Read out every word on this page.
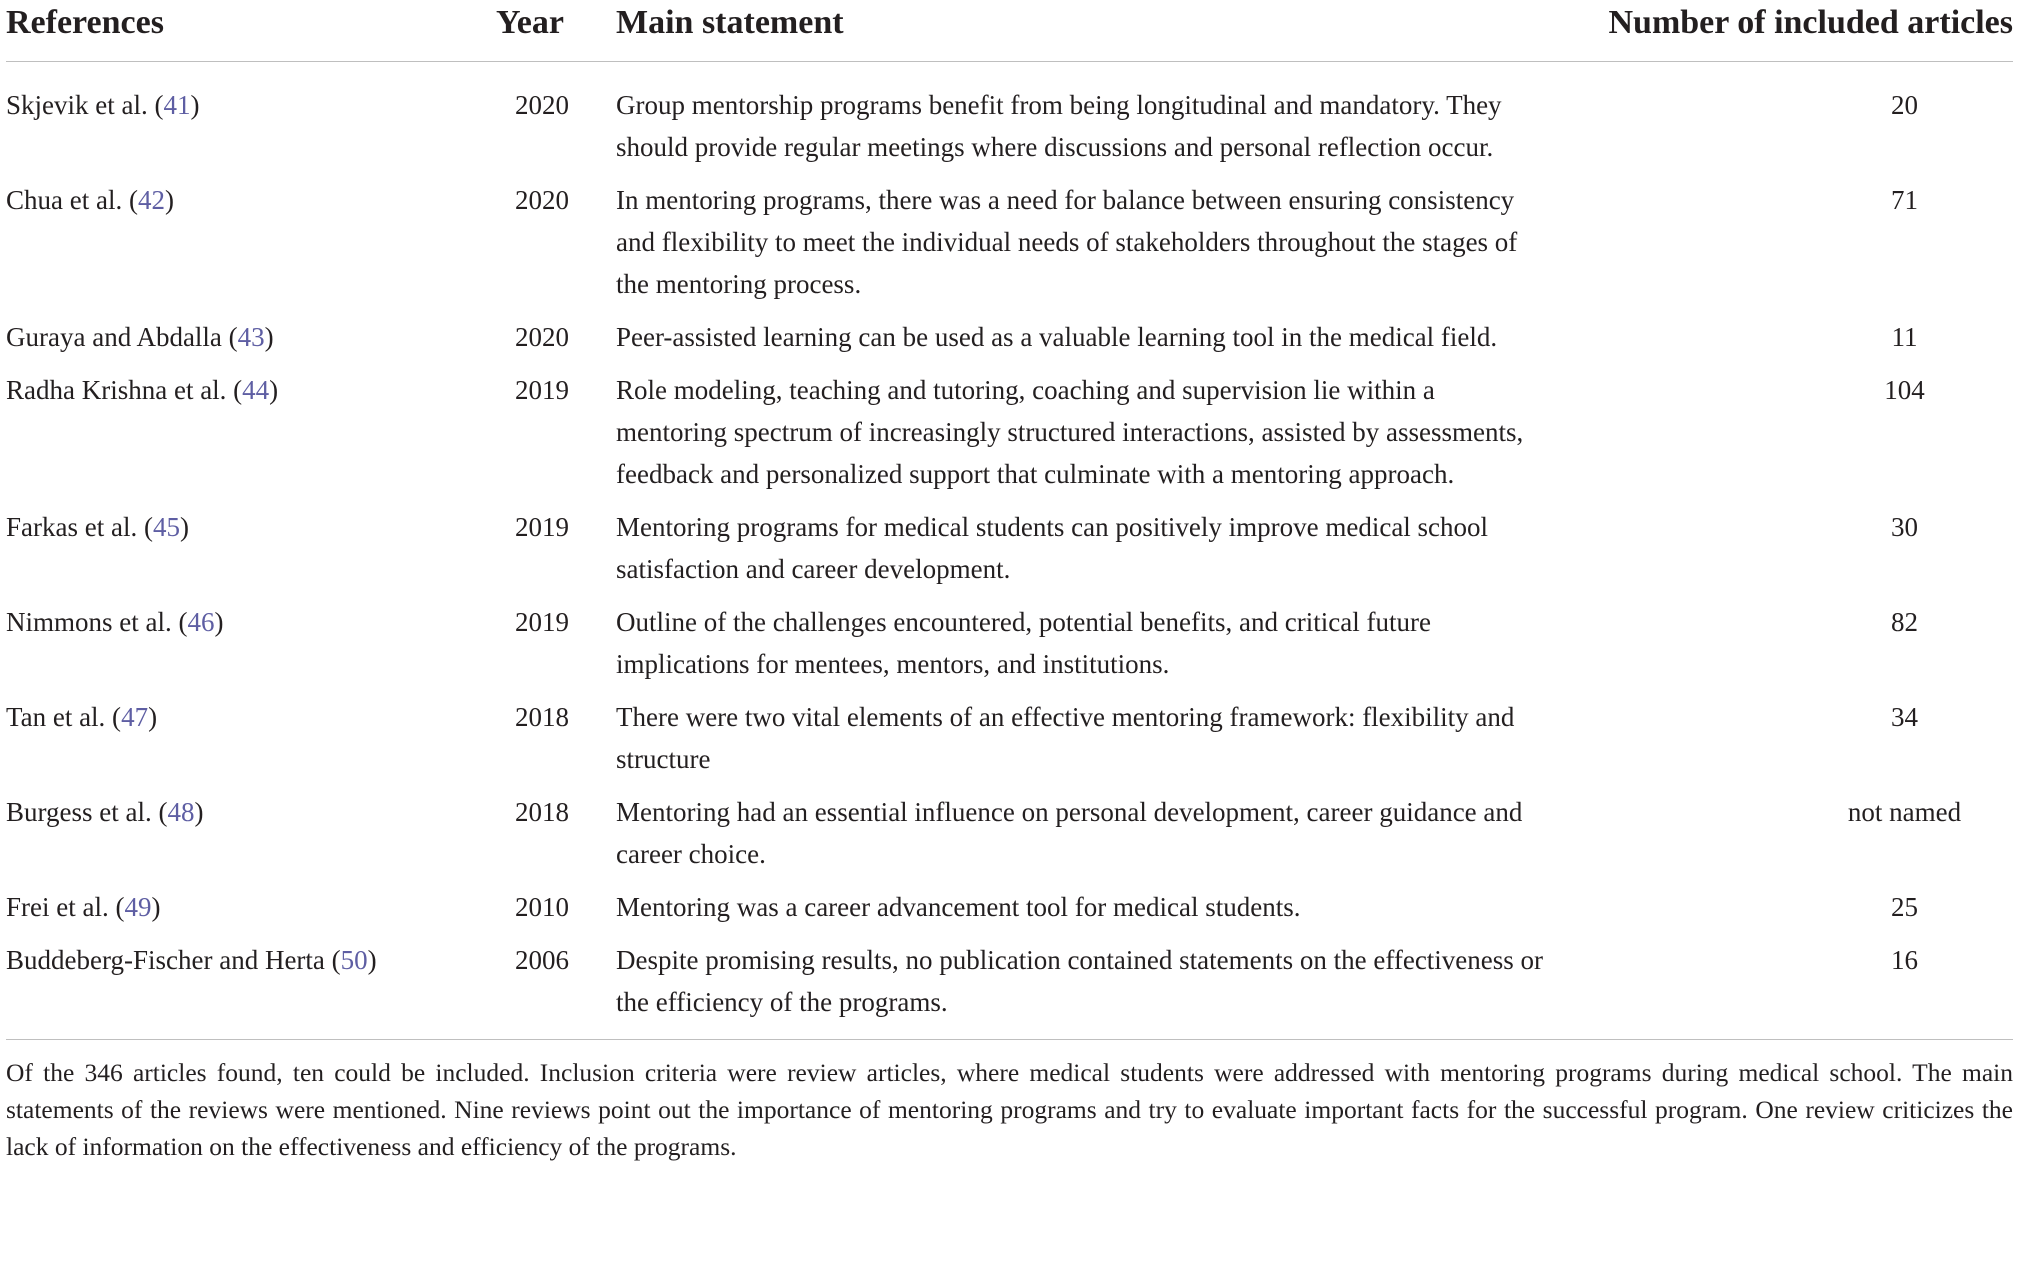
References	Year	Main statement	Number of included articles
Skjevik et al. (41)	2020	Group mentorship programs benefit from being longitudinal and mandatory. They should provide regular meetings where discussions and personal reflection occur.	20
Chua et al. (42)	2020	In mentoring programs, there was a need for balance between ensuring consistency and flexibility to meet the individual needs of stakeholders throughout the stages of the mentoring process.	71
Guraya and Abdalla (43)	2020	Peer-assisted learning can be used as a valuable learning tool in the medical field.	11
Radha Krishna et al. (44)	2019	Role modeling, teaching and tutoring, coaching and supervision lie within a mentoring spectrum of increasingly structured interactions, assisted by assessments, feedback and personalized support that culminate with a mentoring approach.	104
Farkas et al. (45)	2019	Mentoring programs for medical students can positively improve medical school satisfaction and career development.	30
Nimmons et al. (46)	2019	Outline of the challenges encountered, potential benefits, and critical future implications for mentees, mentors, and institutions.	82
Tan et al. (47)	2018	There were two vital elements of an effective mentoring framework: flexibility and structure	34
Burgess et al. (48)	2018	Mentoring had an essential influence on personal development, career guidance and career choice.	not named
Frei et al. (49)	2010	Mentoring was a career advancement tool for medical students.	25
Buddeberg-Fischer and Herta (50)	2006	Despite promising results, no publication contained statements on the effectiveness or the efficiency of the programs.	16

Of the 346 articles found, ten could be included. Inclusion criteria were review articles, where medical students were addressed with mentoring programs during medical school. The main statements of the reviews were mentioned. Nine reviews point out the importance of mentoring programs and try to evaluate important facts for the successful program. One review criticizes the lack of information on the effectiveness and efficiency of the programs.
